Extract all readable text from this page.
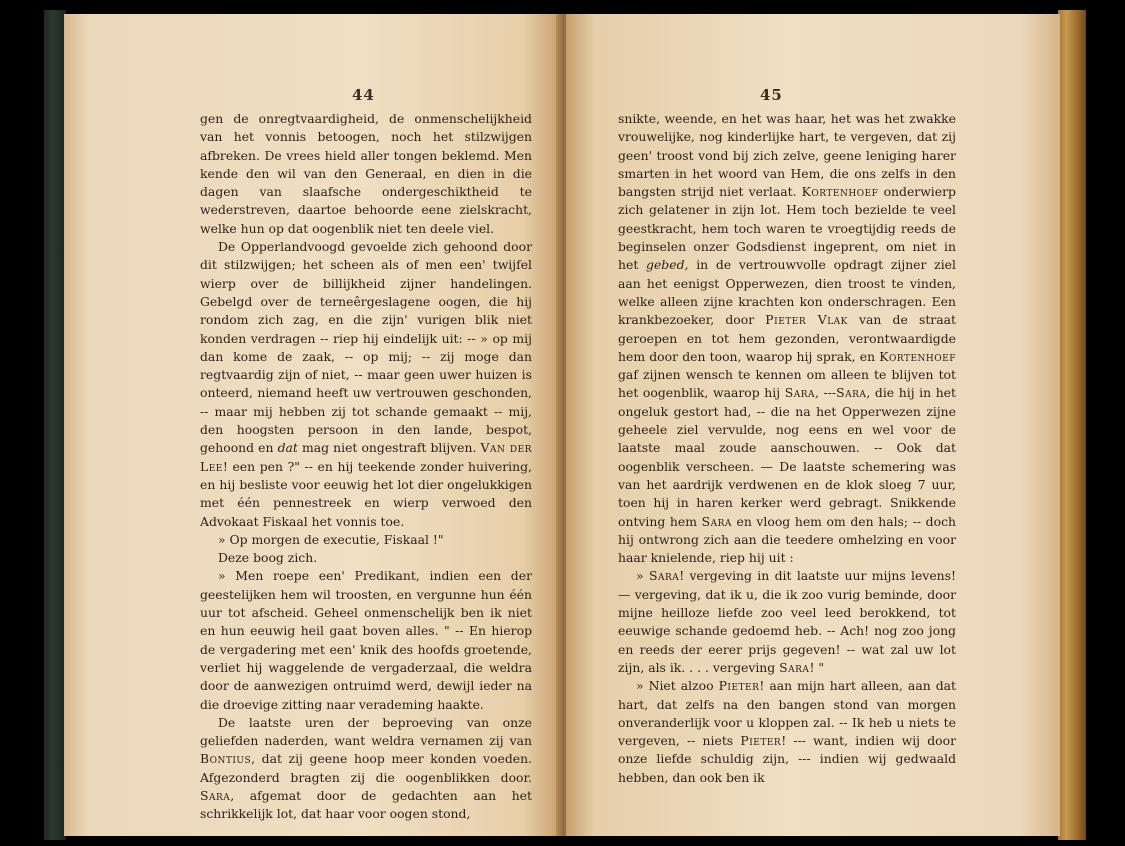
44

gen de onregtvaardigheid, de onmenschelijkheid van het vonnis betoogen, noch het stilzwijgen afbreken. De vrees hield aller tongen beklemd. Men kende den wil van den Generaal, en dien in die dagen van slaafsche ondergeschiktheid te wederstreven, daartoe behoorde eene zielskracht, welke hun op dat oogenblik niet ten deele viel.

De Opperlandvoogd gevoelde zich gehoond door dit stilzwijgen; het scheen als of men een' twijfel wierp over de billijkheid zijner handelingen. Gebelgd over de terneêrgeslagene oogen, die hij rondom zich zag, en die zijn' vurigen blik niet konden verdragen -- riep hij eindelijk uit: -- » op mij dan kome de zaak, -- op mij; -- zij moge dan regtvaardig zijn of niet, -- maar geen uwer huizen is onteerd, niemand heeft uw vertrouwen geschonden, -- maar mij hebben zij tot schande gemaakt -- mij, den hoogsten persoon in den lande, bespot, gehoond en dat mag niet ongestraft blijven. Van der Lee! een pen ?" -- en hij teekende zonder huivering, en hij besliste voor eeuwig het lot dier ongelukkigen met één pennestreek en wierp verwoed den Advokaat Fiskaal het vonnis toe.

» Op morgen de executie, Fiskaal !"

Deze boog zich.

» Men roepe een' Predikant, indien een der geestelijken hem wil troosten, en vergunne hun één uur tot afscheid. Geheel onmenschelijk ben ik niet en hun eeuwig heil gaat boven alles. " -- En hierop de vergadering met een' knik des hoofds groetende, verliet hij waggelende de vergaderzaal, die weldra door de aanwezigen ontruimd werd, dewijl ieder na die droevige zitting naar verademing haakte.

De laatste uren der beproeving van onze geliefden naderden, want weldra vernamen zij van Bontius, dat zij geene hoop meer konden voeden. Afgezonderd bragten zij die oogenblikken door. Sara, afgemat door de gedachten aan het schrikkelijk lot, dat haar voor oogen stond,

45

snikte, weende, en het was haar, het was het zwakke vrouwelijke, nog kinderlijke hart, te vergeven, dat zij geen' troost vond bij zich zelve, geene leniging harer smarten in het woord van Hem, die ons zelfs in den bangsten strijd niet verlaat. Kortenhoef onderwierp zich gelatener in zijn lot. Hem toch bezielde te veel geestkracht, hem toch waren te vroegtijdig reeds de beginselen onzer Godsdienst ingeprent, om niet in het gebed, in de vertrouwvolle opdragt zijner ziel aan het eenigst Opperwezen, dien troost te vinden, welke alleen zijne krachten kon onderschragen. Een krankbezoeker, door Pieter Vlak van de straat geroepen en tot hem gezonden, verontwaardigde hem door den toon, waarop hij sprak, en Kortenhoef gaf zijnen wensch te kennen om alleen te blijven tot het oogenblik, waarop hij Sara, ---Sara, die hij in het ongeluk gestort had, -- die na het Opperwezen zijne geheele ziel vervulde, nog eens en wel voor de laatste maal zoude aanschouwen. -- Ook dat oogenblik verscheen. — De laatste schemering was van het aardrijk verdwenen en de klok sloeg 7 uur, toen hij in haren kerker werd gebragt. Snikkende ontving hem Sara en vloog hem om den hals; -- doch hij ontwrong zich aan die teedere omhelzing en voor haar knielende, riep hij uit :

» Sara! vergeving in dit laatste uur mijns levens! — vergeving, dat ik u, die ik zoo vurig beminde, door mijne heilloze liefde zoo veel leed berokkend, tot eeuwige schande gedoemd heb. -- Ach! nog zoo jong en reeds der eerer prijs gegeven! -- wat zal uw lot zijn, als ik. . . . vergeving Sara! "

» Niet alzoo Pieter! aan mijn hart alleen, aan dat hart, dat zelfs na den bangen stond van morgen onveranderlijk voor u kloppen zal. -- Ik heb u niets te vergeven, -- niets Pieter! --- want, indien wij door onze liefde schuldig zijn, --- indien wij gedwaald hebben, dan ook ben ik
